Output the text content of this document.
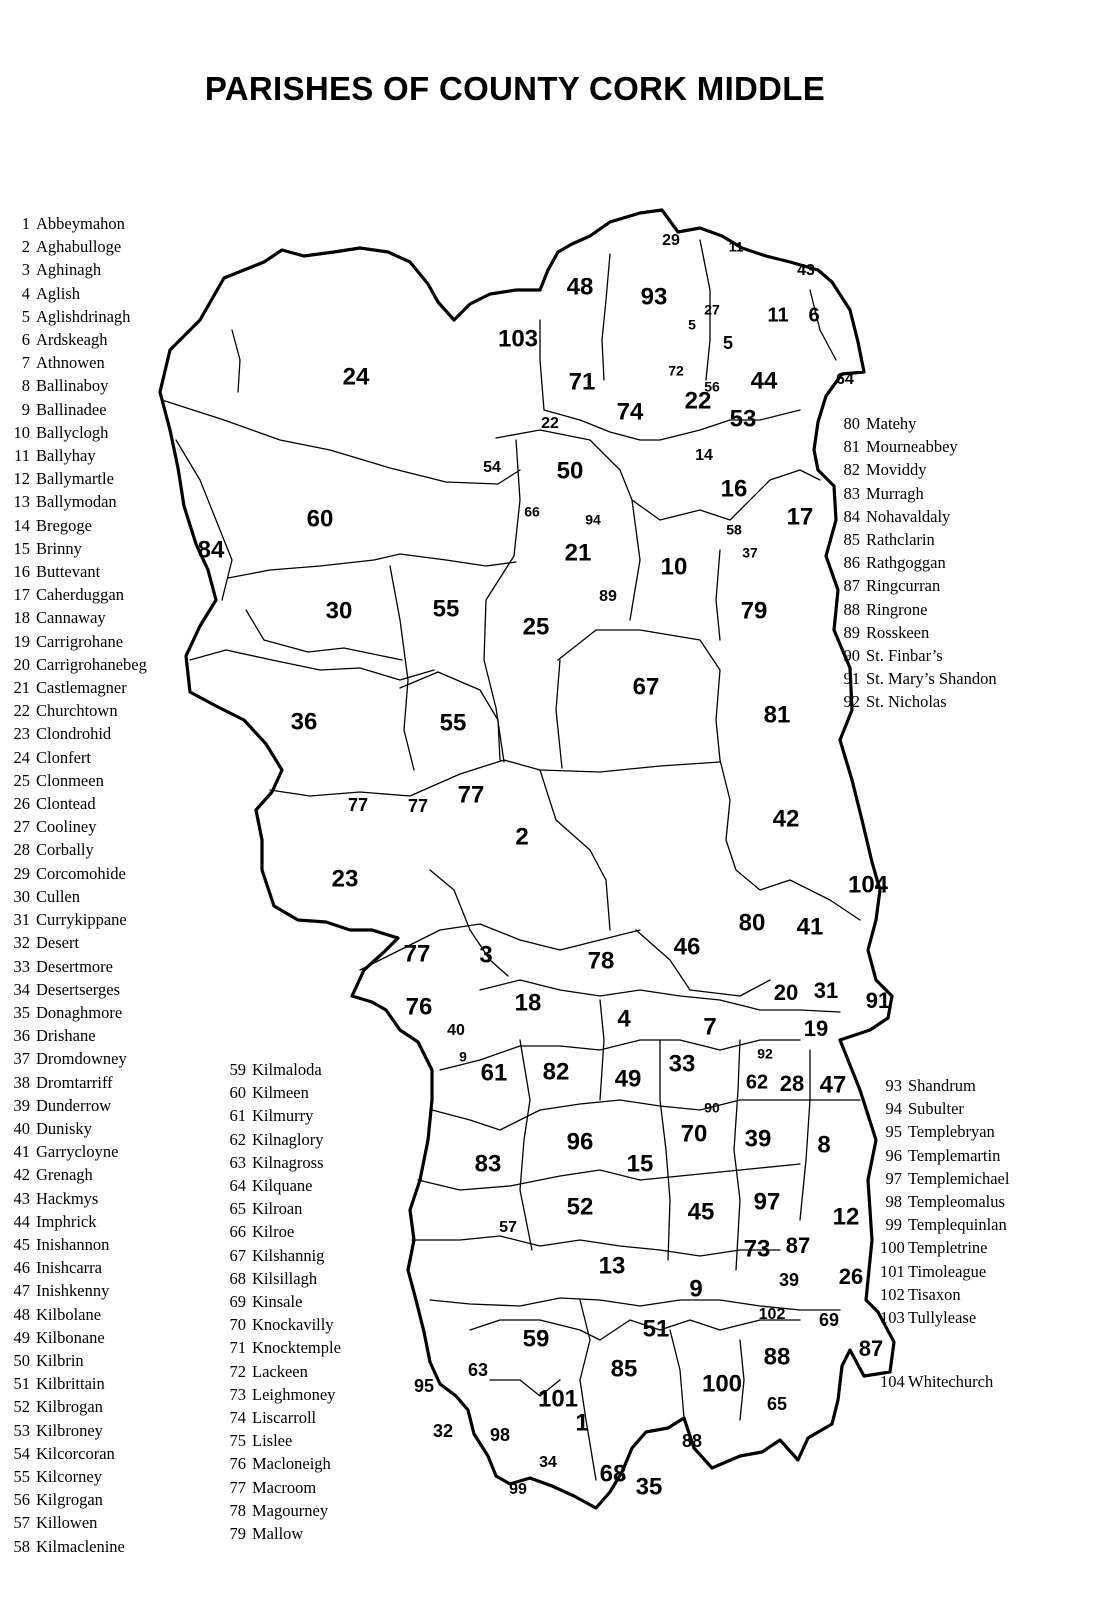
1
2
3
4
5
5	6
7
8
9
9
10
11
11
12
13
14
15
16
17
18
19
20
21
22
22
23
24
25
26
27
28
29
30
31
32
33
34
35
36
37
39
39
40
41
42
43
44
45
46
47
48
49
50
51
52
53
54
55
55
56
57
58
59
60
61	62
63
64
65
66
67
68
69
70
71	72
73
74
76
77 77 77
77	78
79
80
81
82
83
84
85
87
87
88
88
89
90
91
92
93
94
95
96
97
98
99
100
101
102
103
104
PARISHES OF COUNTY CORK MIDDLE
1 Abbeymahon
2 Aghabulloge
3 Aghinagh
4 Aglish
5 Aglishdrinagh
6 Ardskeagh
7 Athnowen
8 Ballinaboy
9 Ballinadee
10 Ballyclogh
11 Ballyhay
12 Ballymartle
13 Ballymodan
14 Bregoge
15 Brinny
16 Buttevant
17 Caherduggan
18 Cannaway
19 Carrigrohane
20 Carrigrohanebeg
21 Castlemagner
22 Churchtown
23 Clondrohid
24 Clonfert
25 Clonmeen
26 Clontead
27 Cooliney
28 Corbally
29 Corcomohide
30 Cullen
31 Currykippane
32 Desert
33 Desertmore
34 Desertserges
35 Donaghmore
36 Drishane
37 Dromdowney
38 Dromtarriff
39 Dunderrow
40 Dunisky
41 Garrycloyne
42 Grenagh
43 Hackmys
44 Imphrick
45 Inishannon
46 Inishcarra
47 Inishkenny
48 Kilbolane
49 Kilbonane
50 Kilbrin
51 Kilbrittain
52 Kilbrogan
53 Kilbroney
54 Kilcorcoran
55 Kilcorney
56 Kilgrogan
57 Killowen
58 Kilmaclenine
59 Kilmaloda
60 Kilmeen
61 Kilmurry
62 Kilnaglory
63 Kilnagross
64 Kilquane
65 Kilroan
66 Kilroe
67 Kilshannig
68 Kilsillagh
69 Kinsale
70 Knockavilly
71 Knocktemple
72 Lackeen
73 Leighmoney
74 Liscarroll
75 Lislee
76 Macloneigh
77 Macroom
78 Magourney
79 Mallow
80 Matehy
81 Mourneabbey
82 Moviddy
83 Murragh
84 Nohavaldaly
85 Rathclarin
86 Rathgoggan
87 Ringcurran
88 Ringrone
89 Rosskeen
90 St. Finbar’s
91 St. Mary’s Shandon
92 St. Nicholas
93 Shandrum
94 Subulter
95 Templebryan
96 Templemartin
97 Templemichael
98 Templeomalus
99 Templequinlan
100 Templetrine
101 Timoleague
102 Tisaxon
103 Tullylease
104 Whitechurch
